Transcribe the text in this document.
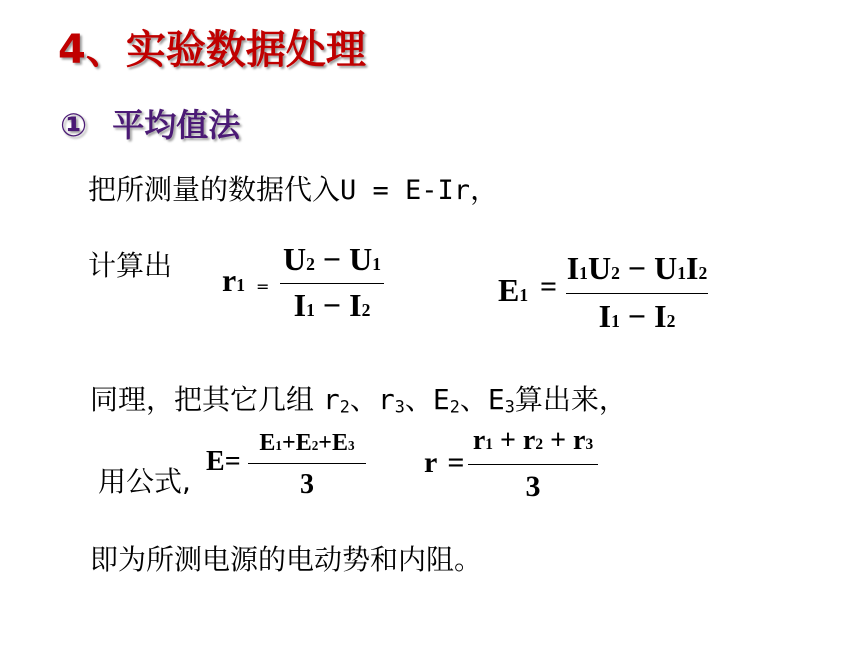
4、实验数据处理
① 平均值法
把所测量的数据代入U = E-Ir，
计算出 r1 =
U2 − U1
I1 − I2
E1 =
I1U2 − U1I2
I1 − I2
同理，把其它几组 $r_2$、$r_3$、$E_2$、$E_3$算出来，
用公式,
E=
E1+E2+E3
3
r =
r1 + r2 + r3
3
即为所测电源的电动势和内阻。
